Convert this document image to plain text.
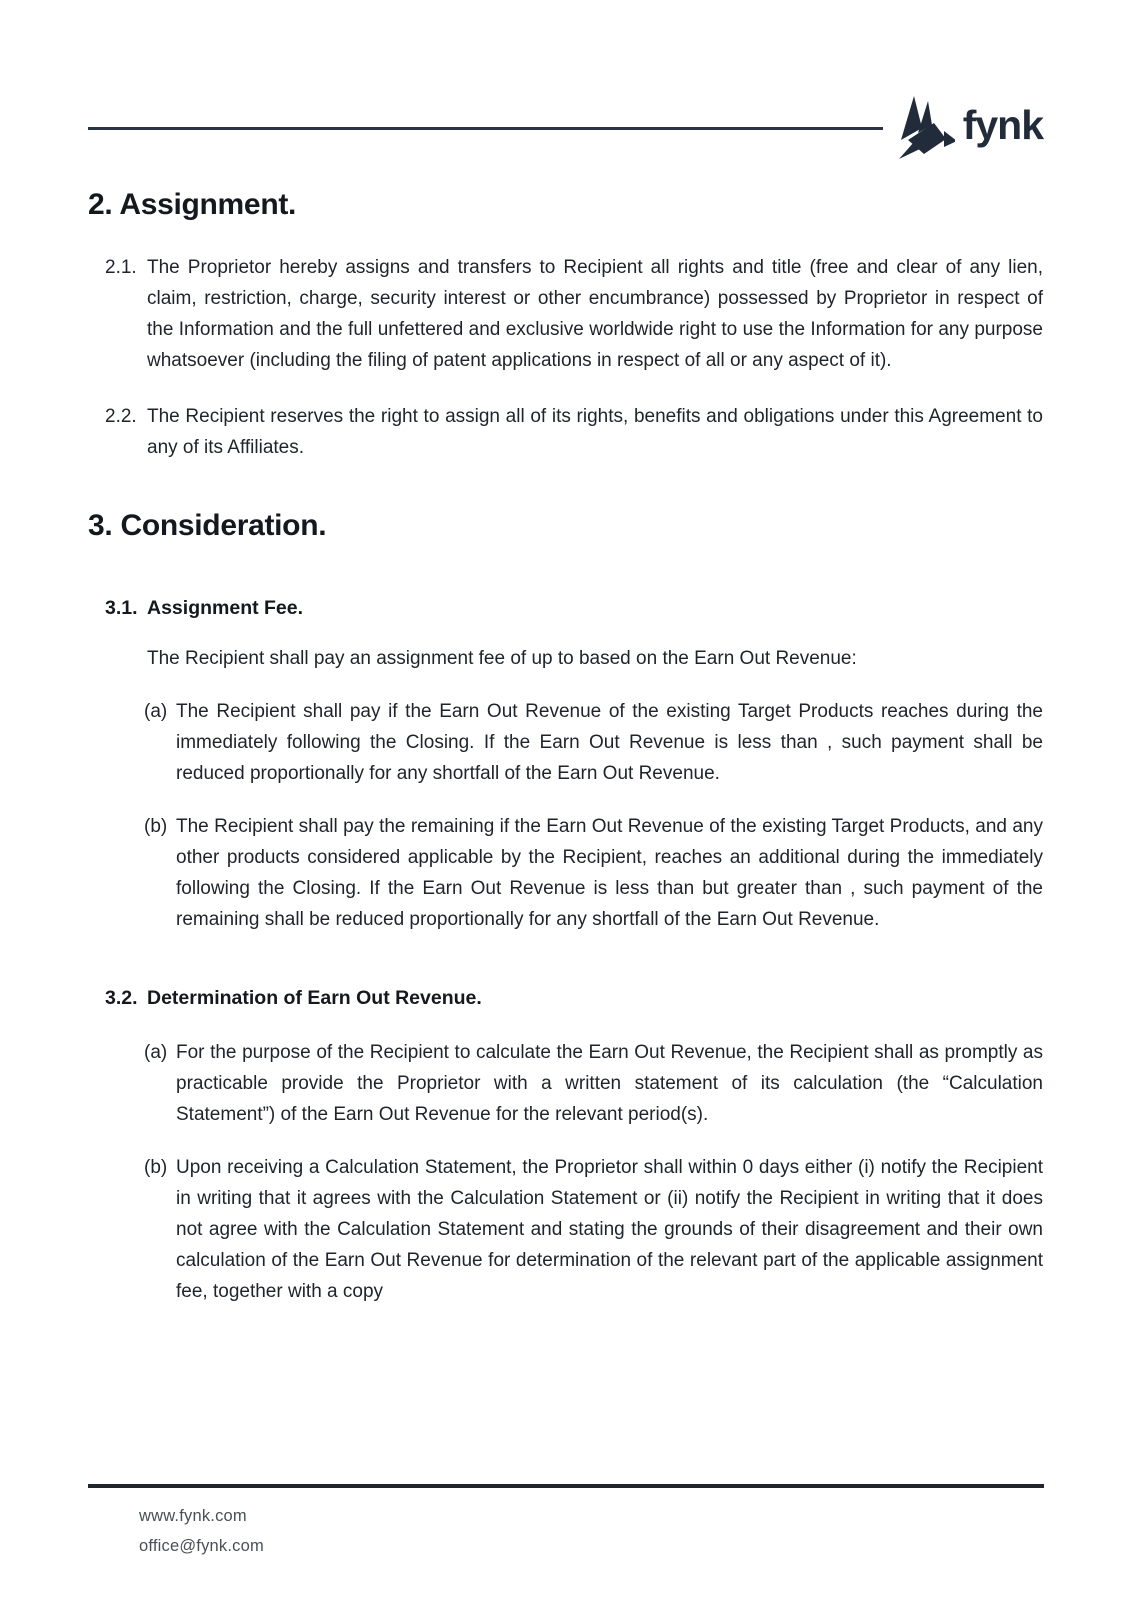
fynk
2. Assignment.
2.1. The Proprietor hereby assigns and transfers to Recipient all rights and title (free and clear of any lien, claim, restriction, charge, security interest or other encumbrance) possessed by Proprietor in respect of the Information and the full unfettered and exclusive worldwide right to use the Information for any purpose whatsoever (including the filing of patent applications in respect of all or any aspect of it).
2.2. The Recipient reserves the right to assign all of its rights, benefits and obligations under this Agreement to any of its Affiliates.
3. Consideration.
3.1. Assignment Fee.

The Recipient shall pay an assignment fee of up to based on the Earn Out Revenue:

(a) The Recipient shall pay if the Earn Out Revenue of the existing Target Products reaches during the immediately following the Closing. If the Earn Out Revenue is less than , such payment shall be reduced proportionally for any shortfall of the Earn Out Revenue.
(b) The Recipient shall pay the remaining if the Earn Out Revenue of the existing Target Products, and any other products considered applicable by the Recipient, reaches an additional during the immediately following the Closing. If the Earn Out Revenue is less than but greater than , such payment of the remaining shall be reduced proportionally for any shortfall of the Earn Out Revenue.
3.2. Determination of Earn Out Revenue.
(a) For the purpose of the Recipient to calculate the Earn Out Revenue, the Recipient shall as promptly as practicable provide the Proprietor with a written statement of its calculation (the “Calculation Statement”) of the Earn Out Revenue for the relevant period(s).
(b) Upon receiving a Calculation Statement, the Proprietor shall within 0 days either (i) notify the Recipient in writing that it agrees with the Calculation Statement or (ii) notify the Recipient in writing that it does not agree with the Calculation Statement and stating the grounds of their disagreement and their own calculation of the Earn Out Revenue for determination of the relevant part of the applicable assignment fee, together with a copy
www.fynk.com
office@fynk.com
